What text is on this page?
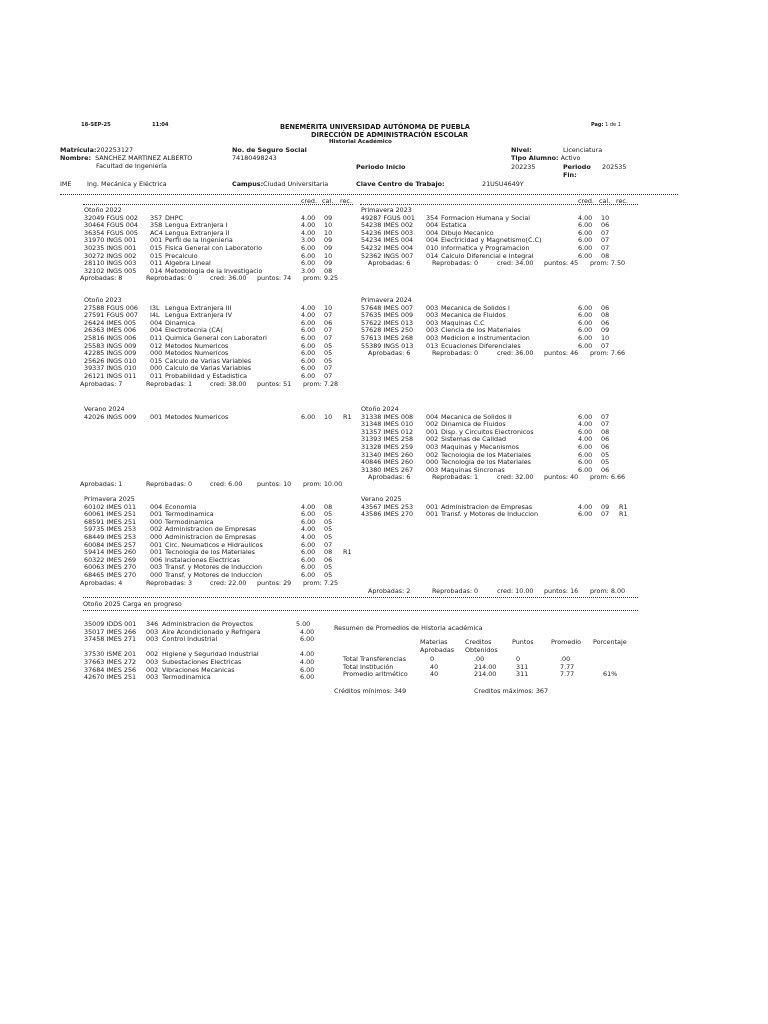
18-SEP-25	11:04	BENEMÉRITA UNIVERSIDAD AUTÓNOMA DE PUEBLA
DIRECCIÓN DE ADMINISTRACIÓN ESCOLAR
Historial Académico
Pag: 1 de 1
Matrícula:202253127
Nombre: SANCHEZ MARTINEZ ALBERTO
Facultad de Ingeniería
No. de Seguro Social
74180498243
Periodo Inicio
Nivel:	Licenciatura
Tipo Alumno: Activo
202235	Periodo
Fin:
202535
IME Ing. Mecánica y Eléctrica	Campus:Ciudad Universitaria	Clave Centro de Trabajo:	21USU4649Y
cred. cal. rec.	cred. cal. rec.
Otoño 2022
32049 FGUS 002 357 DHPC	4.00 09
30464 FGUS 004 358 Lengua Extranjera I	4.00 10
36354 FGUS 005 AC4 Lengua Extranjera II	4.00 10
31970 INGS 001 001 Perfil de la Ingenieria	3.00 09
30235 INGS 001 015 Fisica General con Laboratorio	6.00 09
30272 INGS 002 015 Precalculo	6.00 10
28110 INGS 003 011 Algebra Lineal	6.00 09
32102 INGS 005 014 Metodologia de la Investigacio	3.00 08
Aprobadas: 8	Reprobadas: 0	cred: 36.00 puntos: 74 prom: 9.25
Primavera 2023
49287 FGUS 001 354 Formacion Humana y Social	4.00 10
54238 IMES 002 004 Estatica	6.00 06
54236 IMES 003 004 Dibujo Mecanico	6.00 07
54234 IMES 004 004 Electricidad y Magnetismo(C.C)	6.00 07
54232 IMES 004 010 Informatica y Programacion	6.00 07
52362 INGS 007 014 Calculo Diferencial e Integral	6.00 08
Aprobadas: 6	Reprobadas: 0	cred: 34.00 puntos: 45 prom: 7.50
Otoño 2023
27588 FGUS 006 I3L Lengua Extranjera III	4.00 10
27591 FGUS 007 I4L Lengua Extranjera IV	4.00 07
26424 IMES 005 004 Dinamica	6.00 06
26363 IMES 006 004 Electrotecnia (CA)	6.00 07
25816 INGS 006 011 Quimica General con Laboratori	6.00 07
25583 INGS 009 012 Metodos Numericos	6.00 05
42285 INGS 009 000 Metodos Numericos	6.00 05
25626 INGS 010 015 Calculo de Varias Variables	6.00 05
39337 INGS 010 000 Calculo de Varias Variables	6.00 07
26121 INGS 011 011 Probabilidad y Estadistica	6.00 07
Aprobadas: 7	Reprobadas: 1	cred: 38.00 puntos: 51 prom: 7.28
Primavera 2024
57648 IMES 007 003 Mecanica de Solidos I	6.00 06
57635 IMES 009 003 Mecanica de Fluidos	6.00 08
57622 IMES 013 003 Maquinas C.C	6.00 06
57628 IMES 250 003 Ciencia de los Materiales	6.00 09
57613 IMES 268 003 Medicion e Instrumentacion	6.00 10
55389 INGS 013 013 Ecuaciones Diferenciales	6.00 07
Aprobadas: 6	Reprobadas: 0	cred: 36.00 puntos: 46 prom: 7.66
Verano 2024
42026 INGS 009 001 Metodos Numericos	6.00 10 R1
Aprobadas: 1	Reprobadas: 0	cred: 6.00 puntos: 10 prom: 10.00
Otoño 2024
31338 IMES 008 004 Mecanica de Solidos II	6.00 07
31348 IMES 010 002 Dinamica de Fluidos	4.00 07
31357 IMES 012 001 Disp. y Circuitos Electronicos	6.00 08
31393 IMES 258 002 Sistemas de Calidad	4.00 06
31328 IMES 259 003 Maquinas y Mecanismos	6.00 06
31340 IMES 260 002 Tecnologia de los Materiales	6.00 05
40846 IMES 260 000 Tecnologia de los Materiales	6.00 05
31380 IMES 267 003 Maquinas Sincronas	6.00 06
Aprobadas: 6	Reprobadas: 1	cred: 32.00 puntos: 40 prom: 6.66
Primavera 2025
60102 IMES 011 004 Economia	4.00 08
60061 IMES 251 001 Termodinamica	6.00 05
68591 IMES 251 000 Termodinamica	6.00 05
59735 IMES 253 002 Administracion de Empresas	4.00 05
68449 IMES 253 000 Administracion de Empresas	4.00 05
60084 IMES 257 001 Circ. Neumaticos e Hidraulicos	6.00 07
59414 IMES 260 001 Tecnologia de los Materiales	6.00 08 R1
60322 IMES 269 006 Instalaciones Electricas	6.00 06
60063 IMES 270 003 Transf. y Motores de Induccion	6.00 05
68465 IMES 270 000 Transf. y Motores de Induccion	6.00 05
Aprobadas: 4	Reprobadas: 3	cred: 22.00 puntos: 29 prom: 7.25
Verano 2025
43567 IMES 253 001 Administracion de Empresas	4.00 09 R1
43586 IMES 270 001 Transf. y Motores de Induccion	6.00 07 R1
Aprobadas: 2	Reprobadas: 0	cred: 10.00 puntos: 16 prom: 8.00
Otoño 2025 Carga en progreso
35009 IDDS 001 346 Administracion de Proyectos	5.00
35017 IMES 266 003 Aire Acondicionado y Refrigera	4.00
37458 IMES 271 003 Control Industrial	6.00
37530 ISME 201 002 Higiene y Seguridad Industrial	4.00
37663 IMES 272 003 Subestaciones Electricas	4.00
37684 IMES 256 002 Vibraciones Mecanicas	6.00
42670 IMES 251 003 Termodinamica	6.00
Resumen de Promedios de Historia académica
Materias
Aprobadas
Creditos
Obtenidos
Puntos	Promedio Porcentaje
Total Transferencias	0	.00	0	.00
Total Institución	40	214.00	311	7.77
Promedio aritmético	40	214.00	311	7.77	61%
Créditos mínimos: 349	Creditos máximos: 367
